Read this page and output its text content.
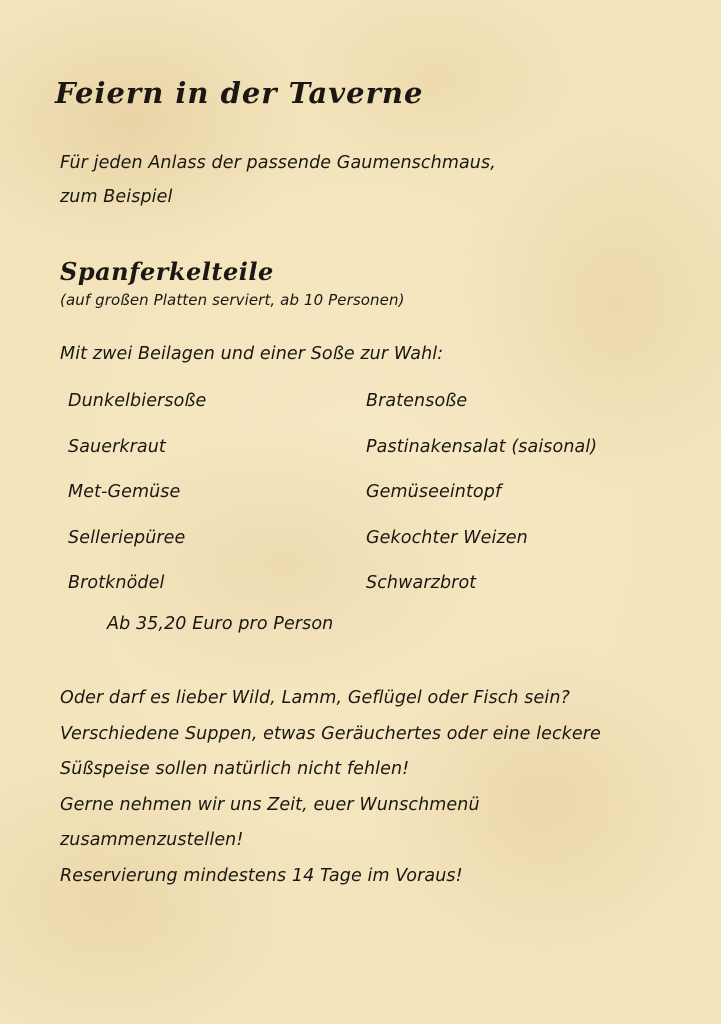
Feiern in der Taverne
Für jeden Anlass der passende Gaumenschmaus,
zum Beispiel
Spanferkelteile
(auf großen Platten serviert, ab 10 Personen)
Mit zwei Beilagen und einer Soße zur Wahl:
Dunkelbiersoße
Sauerkraut
Met-Gemüse
Selleriepüree
Brotknödel
Bratensoße
Pastinakensalat (saisonal)
Gemüseeintopf
Gekochter Weizen
Schwarzbrot
Ab 35,20 Euro pro Person
Oder darf es lieber Wild, Lamm, Geflügel oder Fisch sein?
Verschiedene Suppen, etwas Geräuchertes oder eine leckere
Süßspeise sollen natürlich nicht fehlen!
Gerne nehmen wir uns Zeit, euer Wunschmenü
zusammenzustellen!
Reservierung mindestens 14 Tage im Voraus!
